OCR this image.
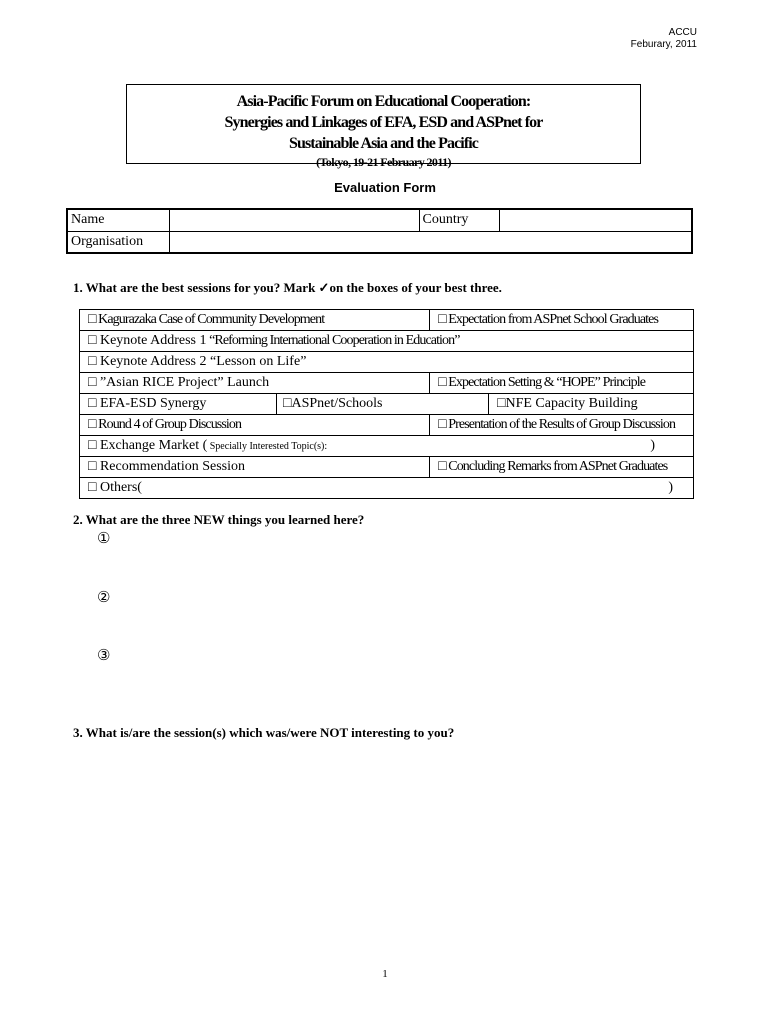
ACCU
Feburary, 2011
Asia-Pacific Forum on Educational Cooperation:
Synergies and Linkages of EFA, ESD and ASPnet for
Sustainable Asia and the Pacific
(Tokyo, 19-21 February 2011)
Evaluation Form
Name		Country	
Organisation			
1. What are the best sessions for you? Mark ✓on the boxes of your best three.
□ Kagurazaka Case of Community Development		□ Expectation from ASPnet School Graduates	
□ Keynote Address 1 “Reforming International Cooperation in Education”			
□ Keynote Address 2 “Lesson on Life”			
□ ”Asian RICE Project” Launch		□ Expectation Setting & “HOPE” Principle	
□ EFA-ESD Synergy	□ASPnet/Schools		□NFE Capacity Building
□ Round 4 of Group Discussion		□ Presentation of the Results of Group Discussion	
□ Exchange Market ( Specially Interested Topic(s): )			

□ Recommendation Session		□ Concluding Remarks from ASPnet Graduates	
□ Others( )			
2. What are the three NEW things you learned here?
①
②
③
3. What is/are the session(s) which was/were NOT interesting to you?
1
